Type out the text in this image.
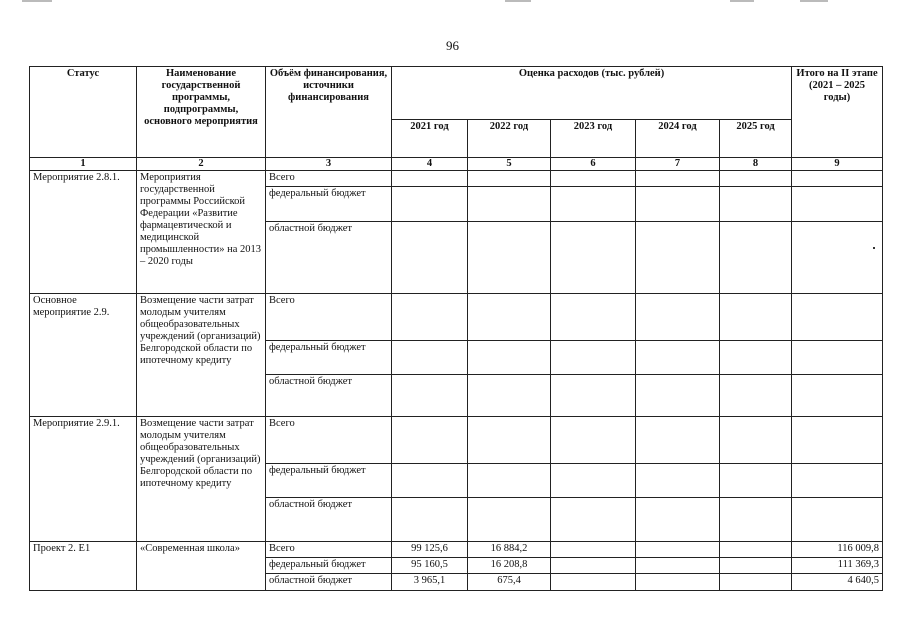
96
Статус	Наименование государственной программы, подпрограммы, основного мероприятия	Объём финансирования, источники финансирования	Оценка расходов (тыс. рублей)					Итого на II этапе (2021 – 2025 годы)
			2021 год	2022 год	2023 год	2024 год	2025 год	
1	2	3	4	5	6	7	8	9
Мероприятие 2.8.1.	Мероприятия государственной программы Российской Федерации «Развитие фармацевтической и медицинской промышленности» на 2013 – 2020 годы	Всего						
		федеральный бюджет						
		областной бюджет						
Основное мероприятие 2.9.	Возмещение части затрат молодым учителям общеобразовательных учреждений (организаций) Белгородской области по ипотечному кредиту	Всего						
		федеральный бюджет						
		областной бюджет						
Мероприятие 2.9.1.	Возмещение части затрат молодым учителям общеобразовательных учреждений (организаций) Белгородской области по ипотечному кредиту	Всего						
		федеральный бюджет						
		областной бюджет						
Проект 2. E1	«Современная школа»	Всего	99 125,6	16 884,2				116 009,8
		федеральный бюджет	95 160,5	16 208,8				111 369,3
		областной бюджет	3 965,1	675,4				4 640,5
